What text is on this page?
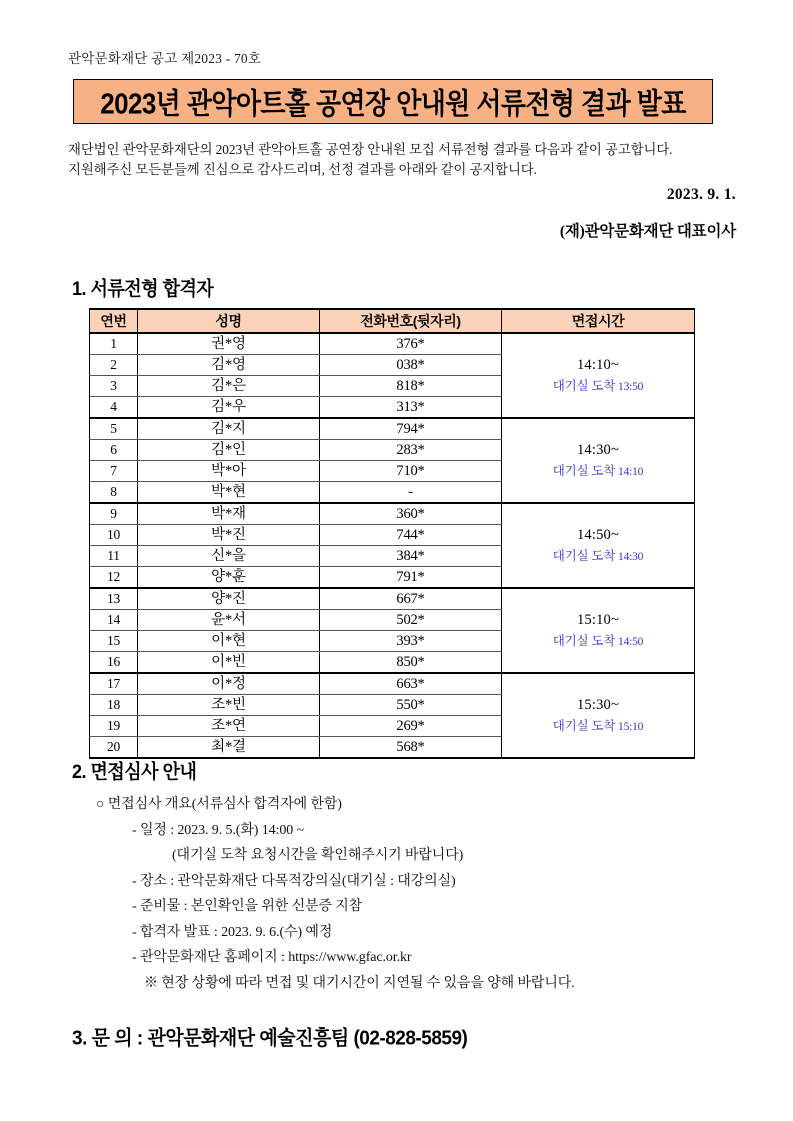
관악문화재단 공고 제2023 - 70호
2023년 관악아트홀 공연장 안내원 서류전형 결과 발표
재단법인 관악문화재단의 2023년 관악아트홀 공연장 안내원 모집 서류전형 결과를 다음과 같이 공고합니다.
지원해주신 모든분들께 진심으로 감사드리며, 선정 결과를 아래와 같이 공지합니다.
2023. 9. 1.
(재)관악문화재단 대표이사
1. 서류전형 합격자
연번	성명	전화번호(뒷자리)	면접시간
1	권*영	376*	14:10~
대기실 도착 13:50

2	김*영	038*	
3	김*은	818*	
4	김*우	313*	
5	김*지	794*	14:30~
대기실 도착 14:10

6	김*인	283*	
7	박*아	710*	
8	박*현	-	
9	박*재	360*	14:50~
대기실 도착 14:30

10	박*진	744*	
11	신*을	384*	
12	양*훈	791*	
13	양*진	667*	15:10~
대기실 도착 14:50

14	윤*서	502*	
15	이*현	393*	
16	이*빈	850*	
17	이*정	663*	15:30~
대기실 도착 15:10

18	조*빈	550*	
19	조*연	269*	
20	최*결	568*	
2. 면접심사 안내
○ 면접심사 개요(서류심사 합격자에 한함)
- 일정 : 2023. 9. 5.(화) 14:00 ~
(대기실 도착 요청시간을 확인해주시기 바랍니다)
- 장소 : 관악문화재단 다목적강의실(대기실 : 대강의실)
- 준비물 : 본인확인을 위한 신분증 지참
- 합격자 발표 : 2023. 9. 6.(수) 예정
- 관악문화재단 홈페이지 : https://www.gfac.or.kr
※ 현장 상황에 따라 면접 및 대기시간이 지연될 수 있음을 양해 바랍니다.
3. 문 의 : 관악문화재단 예술진흥팀 (02-828-5859)
